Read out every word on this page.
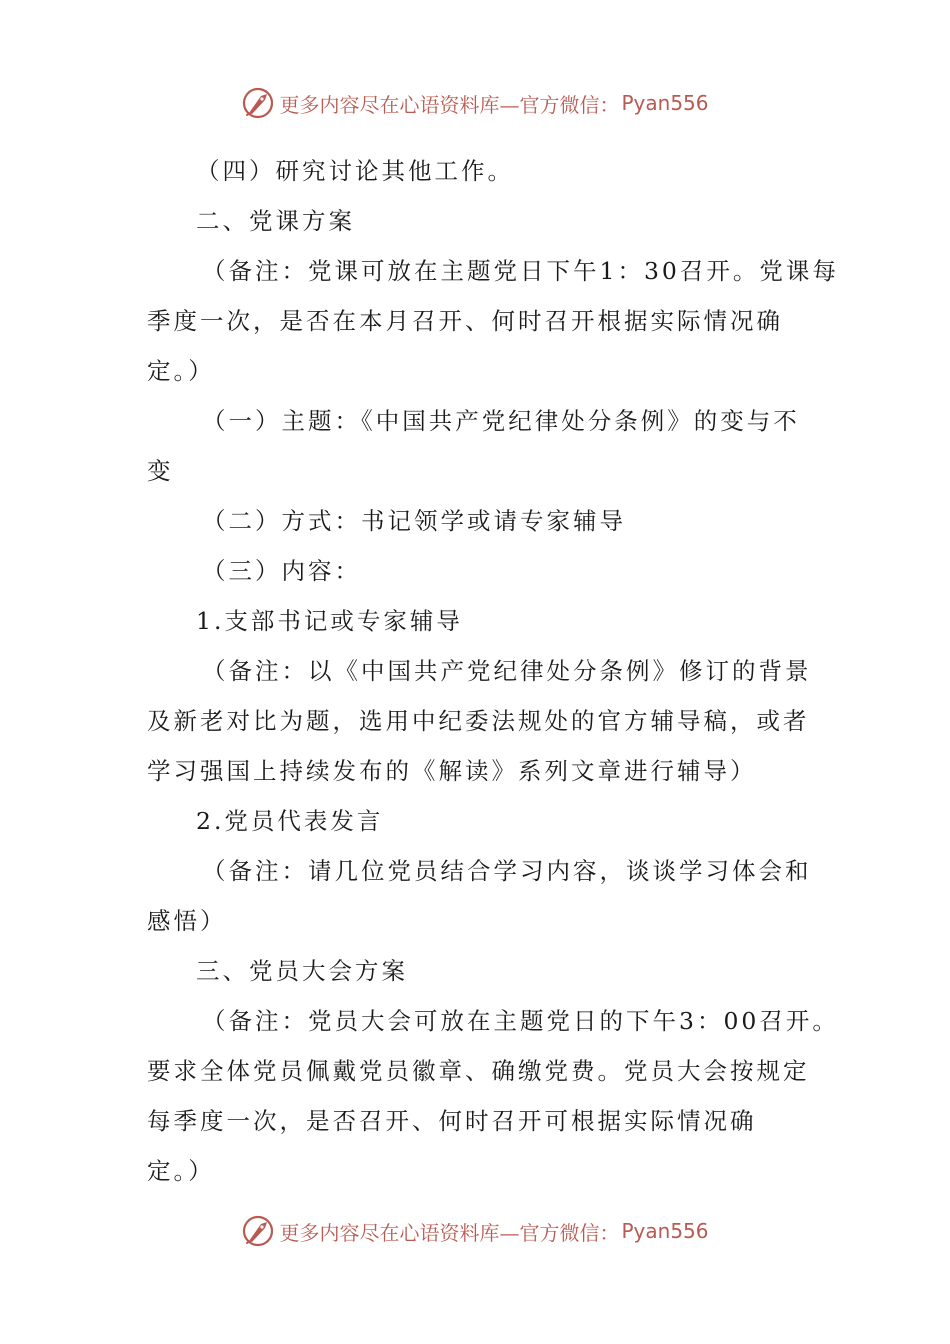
更多内容尽在心语资料库—官方微信： Pyan556
（四）研究讨论其他工作。
二、党课方案
（备注：党课可放在主题党日下午1：30召开。党课每
季度一次，是否在本月召开、何时召开根据实际情况确
定。）
（一）主题：《中国共产党纪律处分条例》的变与不
变
（二）方式：书记领学或请专家辅导
（三）内容：
1.支部书记或专家辅导
（备注：以《中国共产党纪律处分条例》修订的背景
及新老对比为题，选用中纪委法规处的官方辅导稿，或者
学习强国上持续发布的《解读》系列文章进行辅导）
2.党员代表发言
（备注：请几位党员结合学习内容，谈谈学习体会和
感悟）
三、党员大会方案
（备注：党员大会可放在主题党日的下午3：00召开。
要求全体党员佩戴党员徽章、确缴党费。党员大会按规定
每季度一次，是否召开、何时召开可根据实际情况确
定。）
更多内容尽在心语资料库—官方微信： Pyan556
